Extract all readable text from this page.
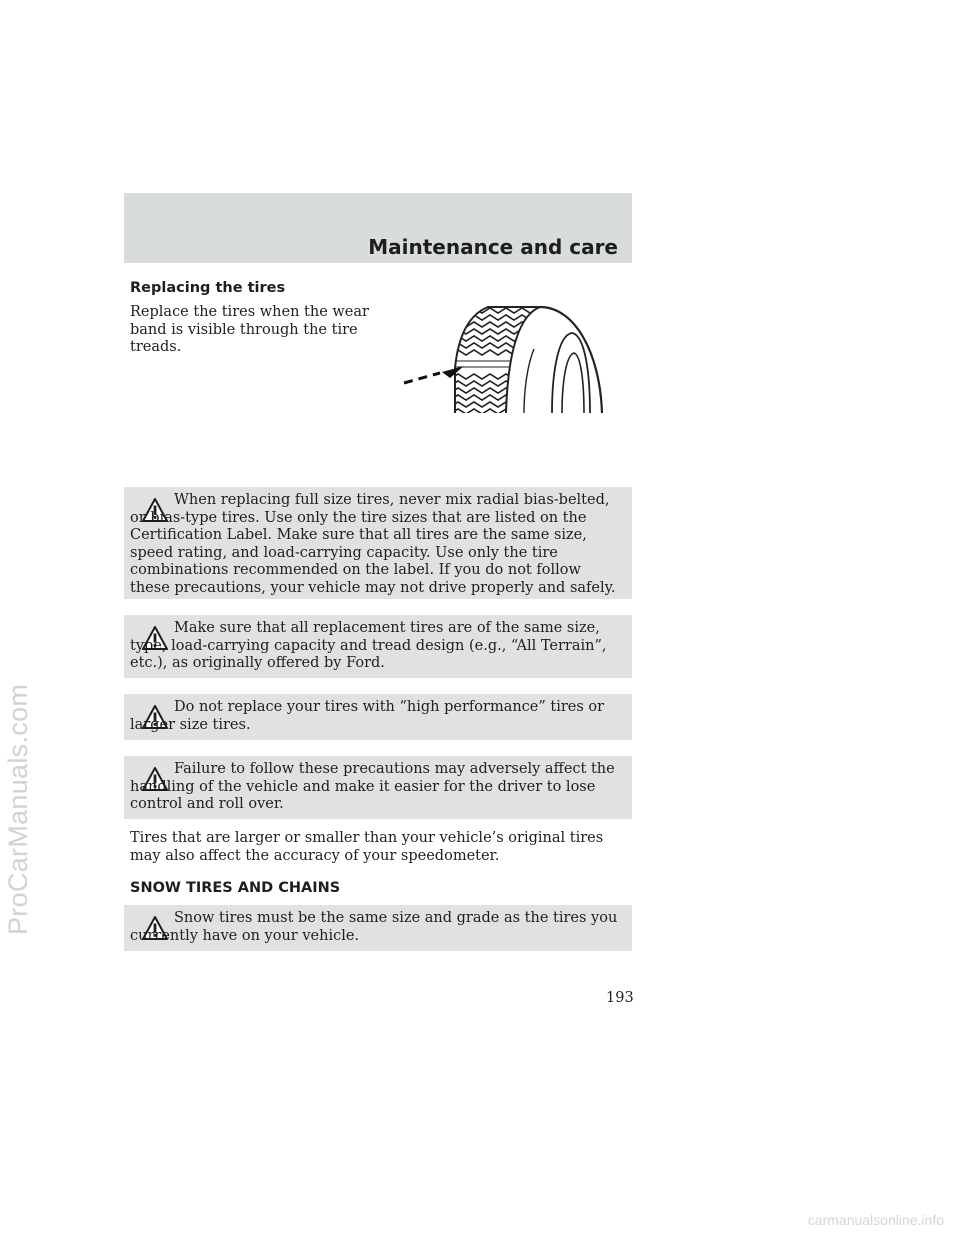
ProCarManuals.com
carmanualsonline.info
Maintenance and care
Replacing the tires
Replace the tires when the wear band is visible through the tire treads.

When replacing full size tires, never mix radial bias-belted, or bias-type tires. Use only the tire sizes that are listed on the Certification Label. Make sure that all tires are the same size, speed rating, and load-carrying capacity. Use only the tire combinations recommended on the label. If you do not follow these precautions, your vehicle may not drive properly and safely.

Make sure that all replacement tires are of the same size, type, load-carrying capacity and tread design (e.g., “All Terrain”, etc.), as originally offered by Ford.

Do not replace your tires with “high performance” tires or larger size tires.

Failure to follow these precautions may adversely affect the handling of the vehicle and make it easier for the driver to lose control and roll over.

Tires that are larger or smaller than your vehicle’s original tires may also affect the accuracy of your speedometer.
SNOW TIRES AND CHAINS

Snow tires must be the same size and grade as the tires you currently have on your vehicle.

193
